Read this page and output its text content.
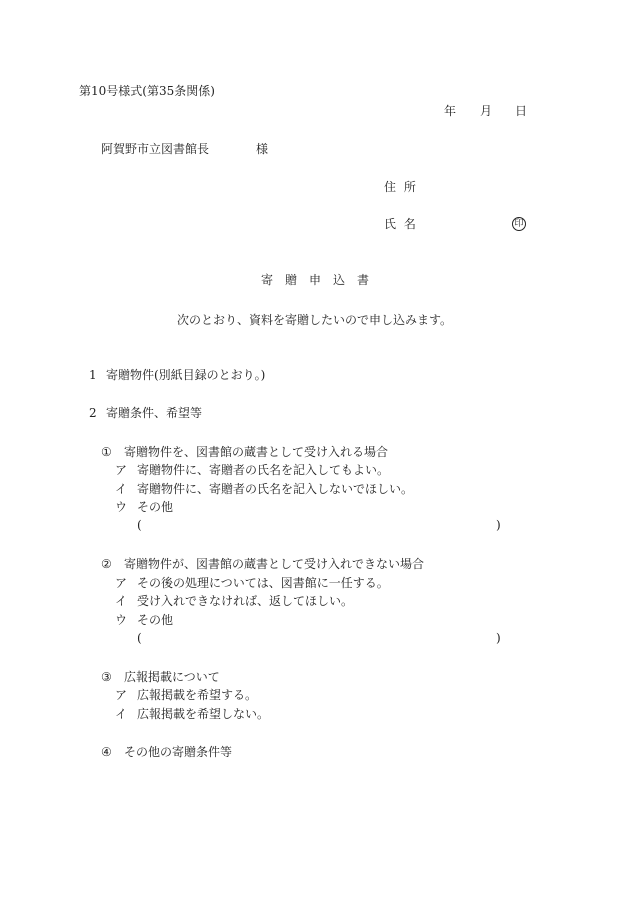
第10号様式(第35条関係)
年 月 日
阿賀野市立図書館長	様
住 所
氏 名	印
寄　贈　申　込　書
次のとおり、資料を寄贈したいので申し込みます。
1 寄贈物件(別紙目録のとおり。)
2 寄贈条件、希望等
① 寄贈物件を、図書館の蔵書として受け入れる場合
ア 寄贈物件に、寄贈者の氏名を記入してもよい。
イ 寄贈物件に、寄贈者の氏名を記入しないでほしい。
ウ その他
(	)
② 寄贈物件が、図書館の蔵書として受け入れできない場合
ア その後の処理については、図書館に一任する。
イ 受け入れできなければ、返してほしい。
ウ その他
(	)
③ 広報掲載について
ア 広報掲載を希望する。
イ 広報掲載を希望しない。
④ その他の寄贈条件等
